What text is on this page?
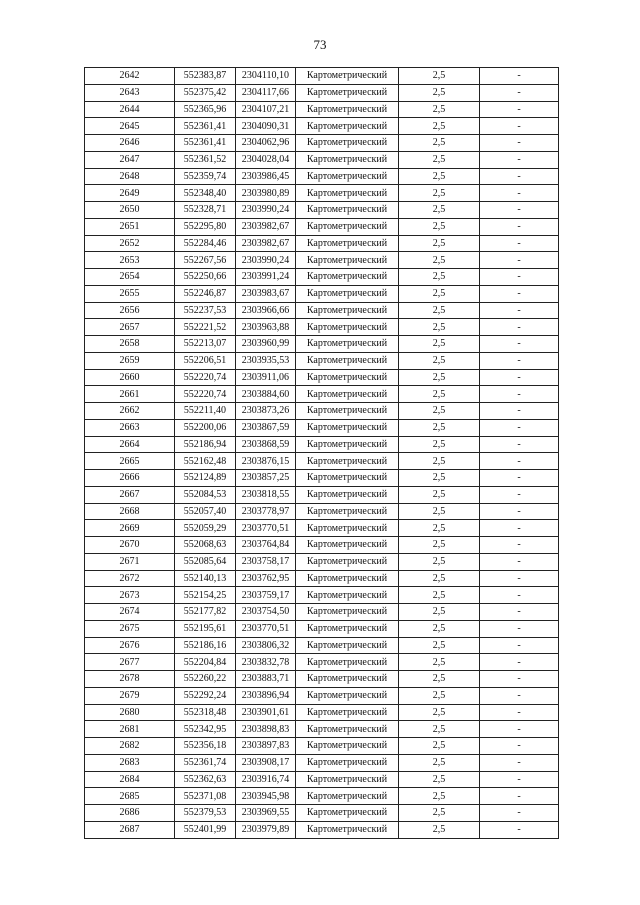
73
2642	552383,87	2304110,10	Картометрический	2,5	-
2643	552375,42	2304117,66	Картометрический	2,5	-
2644	552365,96	2304107,21	Картометрический	2,5	-
2645	552361,41	2304090,31	Картометрический	2,5	-
2646	552361,41	2304062,96	Картометрический	2,5	-
2647	552361,52	2304028,04	Картометрический	2,5	-
2648	552359,74	2303986,45	Картометрический	2,5	-
2649	552348,40	2303980,89	Картометрический	2,5	-
2650	552328,71	2303990,24	Картометрический	2,5	-
2651	552295,80	2303982,67	Картометрический	2,5	-
2652	552284,46	2303982,67	Картометрический	2,5	-
2653	552267,56	2303990,24	Картометрический	2,5	-
2654	552250,66	2303991,24	Картометрический	2,5	-
2655	552246,87	2303983,67	Картометрический	2,5	-
2656	552237,53	2303966,66	Картометрический	2,5	-
2657	552221,52	2303963,88	Картометрический	2,5	-
2658	552213,07	2303960,99	Картометрический	2,5	-
2659	552206,51	2303935,53	Картометрический	2,5	-
2660	552220,74	2303911,06	Картометрический	2,5	-
2661	552220,74	2303884,60	Картометрический	2,5	-
2662	552211,40	2303873,26	Картометрический	2,5	-
2663	552200,06	2303867,59	Картометрический	2,5	-
2664	552186,94	2303868,59	Картометрический	2,5	-
2665	552162,48	2303876,15	Картометрический	2,5	-
2666	552124,89	2303857,25	Картометрический	2,5	-
2667	552084,53	2303818,55	Картометрический	2,5	-
2668	552057,40	2303778,97	Картометрический	2,5	-
2669	552059,29	2303770,51	Картометрический	2,5	-
2670	552068,63	2303764,84	Картометрический	2,5	-
2671	552085,64	2303758,17	Картометрический	2,5	-
2672	552140,13	2303762,95	Картометрический	2,5	-
2673	552154,25	2303759,17	Картометрический	2,5	-
2674	552177,82	2303754,50	Картометрический	2,5	-
2675	552195,61	2303770,51	Картометрический	2,5	-
2676	552186,16	2303806,32	Картометрический	2,5	-
2677	552204,84	2303832,78	Картометрический	2,5	-
2678	552260,22	2303883,71	Картометрический	2,5	-
2679	552292,24	2303896,94	Картометрический	2,5	-
2680	552318,48	2303901,61	Картометрический	2,5	-
2681	552342,95	2303898,83	Картометрический	2,5	-
2682	552356,18	2303897,83	Картометрический	2,5	-
2683	552361,74	2303908,17	Картометрический	2,5	-
2684	552362,63	2303916,74	Картометрический	2,5	-
2685	552371,08	2303945,98	Картометрический	2,5	-
2686	552379,53	2303969,55	Картометрический	2,5	-
2687	552401,99	2303979,89	Картометрический	2,5	-
